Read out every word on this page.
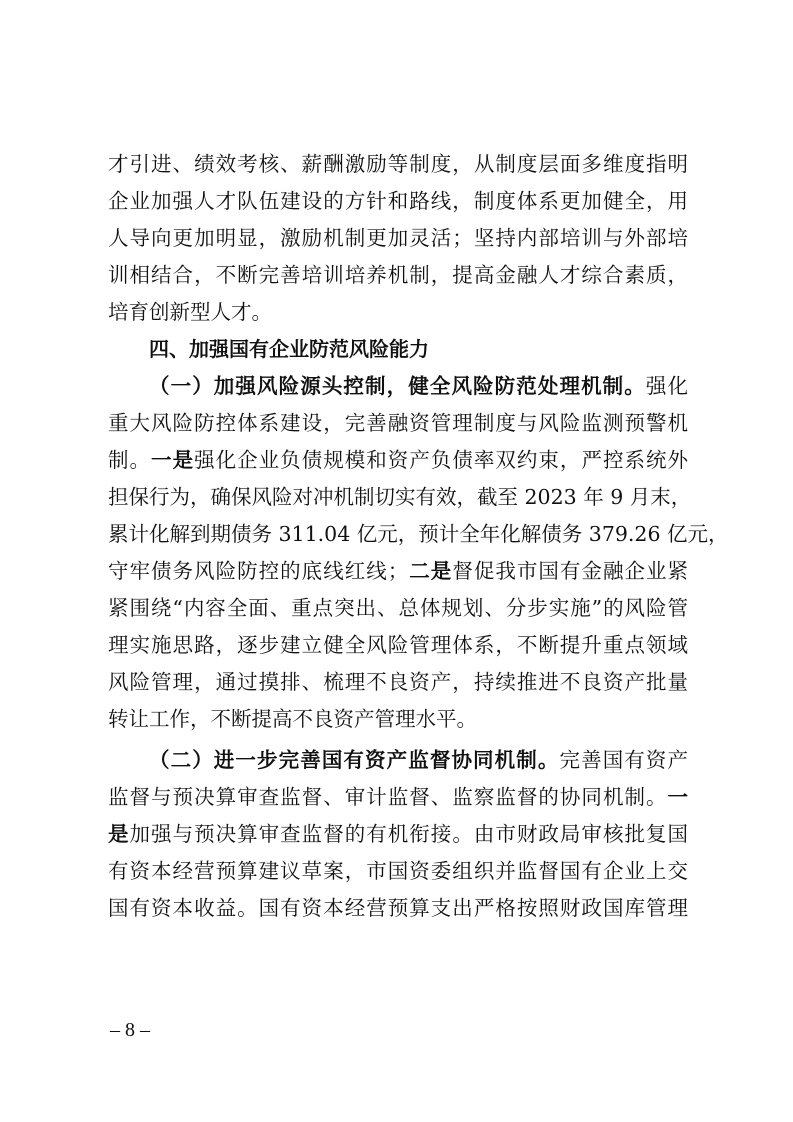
才引进、绩效考核、薪酬激励等制度，从制度层面多维度指明
企业加强人才队伍建设的方针和路线，制度体系更加健全，用
人导向更加明显，激励机制更加灵活；坚持内部培训与外部培
训相结合，不断完善培训培养机制，提高金融人才综合素质，
培育创新型人才。
四、加强国有企业防范风险能力
（一）加强风险源头控制，健全风险防范处理机制。强化
重大风险防控体系建设，完善融资管理制度与风险监测预警机
制。一是强化企业负债规模和资产负债率双约束，严控系统外
担保行为，确保风险对冲机制切实有效，截至 2023 年 9 月末，
累计化解到期债务 311.04 亿元，预计全年化解债务 379.26 亿元，
守牢债务风险防控的底线红线；二是督促我市国有金融企业紧
紧围绕“内容全面、重点突出、总体规划、分步实施”的风险管
理实施思路，逐步建立健全风险管理体系，不断提升重点领域
风险管理，通过摸排、梳理不良资产，持续推进不良资产批量
转让工作，不断提高不良资产管理水平。
（二）进一步完善国有资产监督协同机制。完善国有资产
监督与预决算审查监督、审计监督、监察监督的协同机制。一
是加强与预决算审查监督的有机衔接。由市财政局审核批复国
有资本经营预算建议草案，市国资委组织并监督国有企业上交
国有资本收益。国有资本经营预算支出严格按照财政国库管理
– 8 –
